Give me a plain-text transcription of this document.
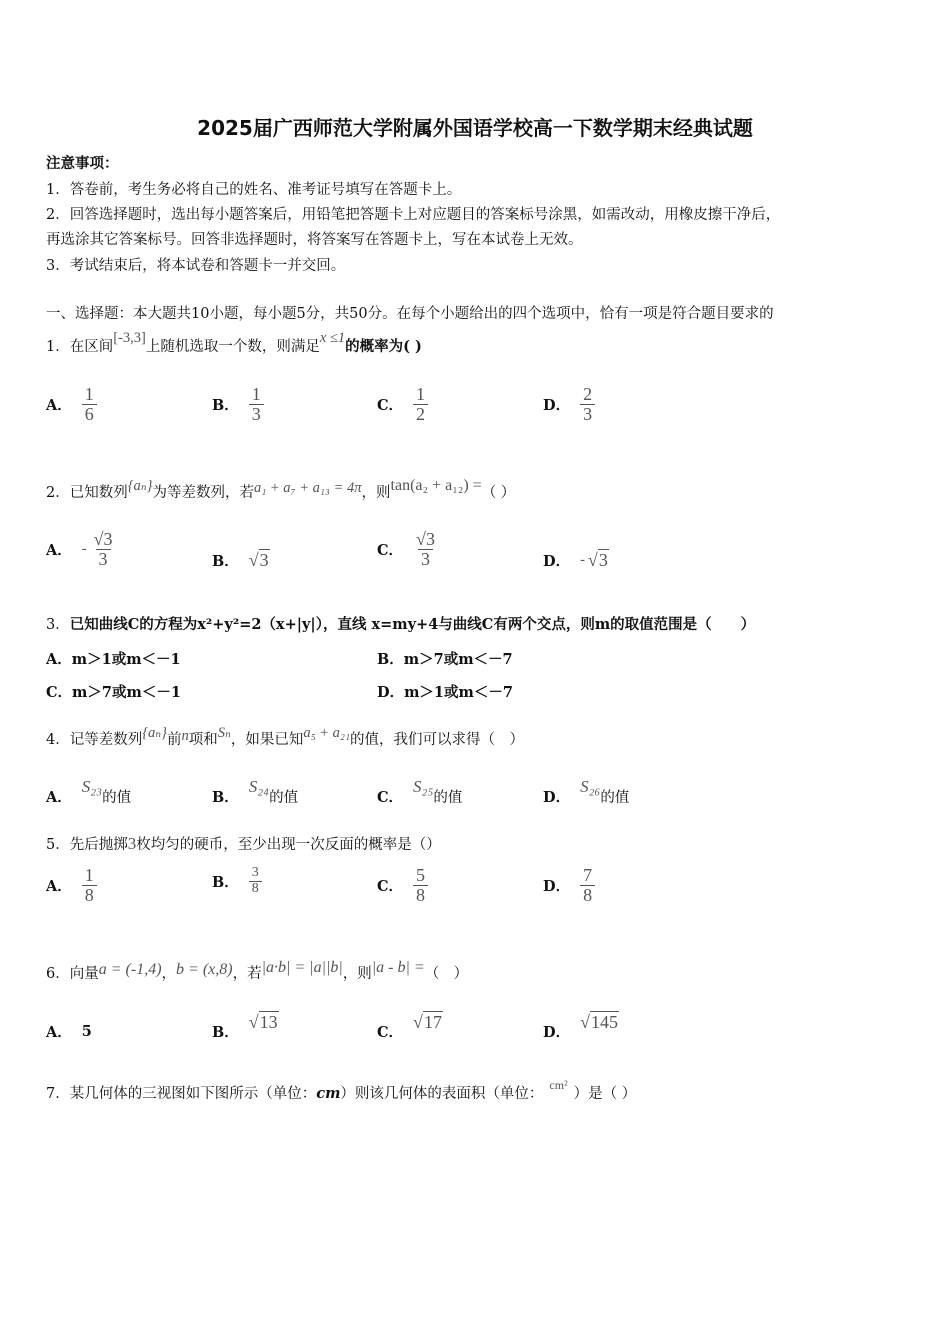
2025届广西师范大学附属外国语学校高一下数学期末经典试题
注意事项：
1．答卷前，考生务必将自己的姓名、准考证号填写在答题卡上。
2．回答选择题时，选出每小题答案后，用铅笔把答题卡上对应题目的答案标号涂黑，如需改动，用橡皮擦干净后，
再选涂其它答案标号。回答非选择题时，将答案写在答题卡上，写在本试卷上无效。
3．考试结束后，将本试卷和答题卡一并交回。
一、选择题：本大题共10小题，每小题5分，共50分。在每个小题给出的四个选项中，恰有一项是符合题目要求的
1．在区间[-3,3]上随机选取一个数，则满足x ≤1的概率为( )
A． $\frac{1}{6}$	B． $\frac{1}{3}$	C． $\frac{1}{2}$	D． $\frac{2}{3}$
2．已知数列{aₙ}为等差数列，若a₁ + a₇ + a₁₃ = 4π，则tan(a₂ + a₁₂) =（ ）
A． - $\frac{√3}{3}$	B． √3	C． $\frac{√3}{3}$	D． - √3
3．已知曲线C的方程为x²+y²=2（x+|y|），直线 x=my+4与曲线C有两个交点，则m的取值范围是（　　）
A．m＞1或m＜－1	B．m＞7或m＜－7
C．m＞7或m＜－1	D．m＞1或m＜－7
4．记等差数列{aₙ}前n项和Sₙ，如果已知a₅ + a₂₁的值，我们可以求得（　）
A．
S₂₃
的值	B．
S₂₄
的值	C．
S₂₅
的值	D．
S₂₆
的值
5．先后抛掷3枚均匀的硬币，至少出现一次反面的概率是（）
A． $\frac{1}{8}$	B． $\frac{3}{8}$	C． $\frac{5}{8}$	D． $\frac{7}{8}$
6．向量a = (-1,4)，b = (x,8)，若|a·b| = |a||b|，则|a - b| =（　）
A． 5	B．
√13
C．
√17
D．
√145
7．某几何体的三视图如下图所示（单位：cm）则该几何体的表面积（单位：$^{cm^2}$）是（ ）
